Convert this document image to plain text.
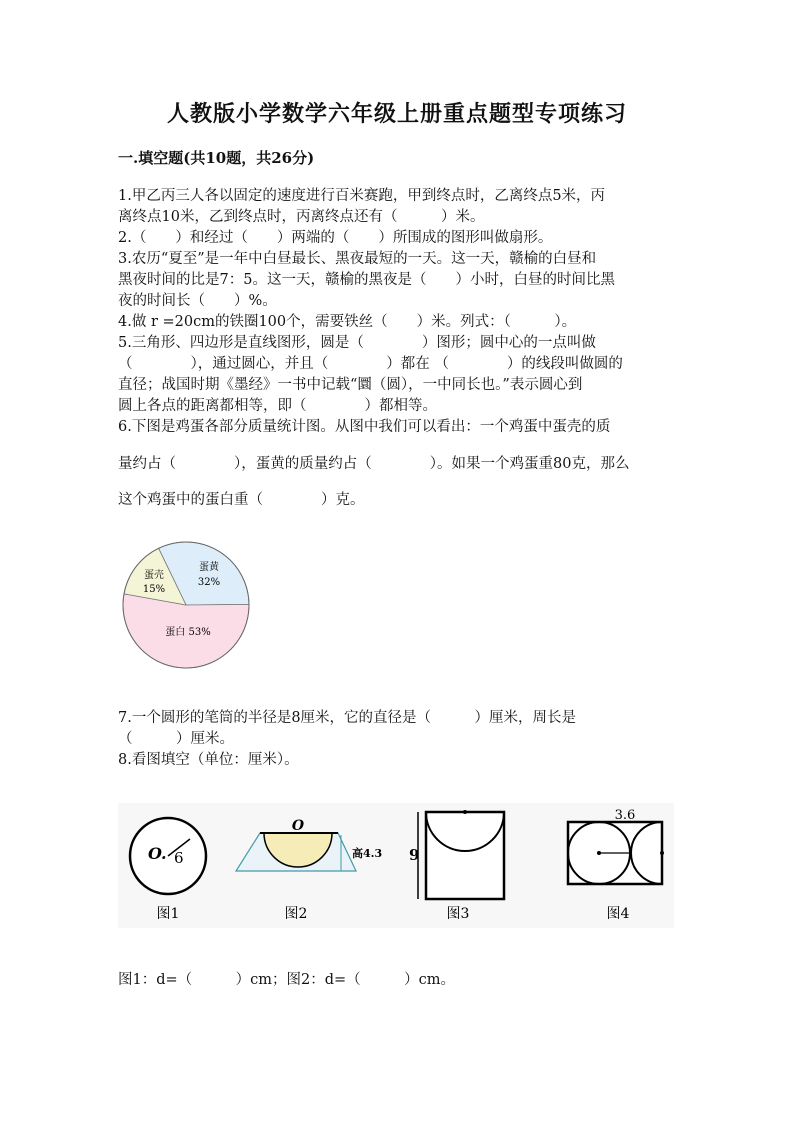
人教版小学数学六年级上册重点题型专项练习
一.填空题(共10题，共26分)
1.甲乙丙三人各以固定的速度进行百米赛跑，甲到终点时，乙离终点5米，丙
离终点10米，乙到终点时，丙离终点还有（　　　）米。
2.（　　）和经过（　　）两端的（　　）所围成的图形叫做扇形。
3.农历“夏至”是一年中白昼最长、黑夜最短的一天。这一天，赣榆的白昼和
黑夜时间的比是7：5。这一天，赣榆的黑夜是（　　）小时，白昼的时间比黑
夜的时间长（　　）%。
4.做 r =20cm的铁圈100个，需要铁丝（　　）米。列式：（　　　）。
5.三角形、四边形是直线图形，圆是（　　　　）图形；圆中心的一点叫做
（　　　　），通过圆心，并且（　　　　）都在 （　　　　）的线段叫做圆的
直径；战国时期《墨经》一书中记载“圜（圆），一中同长也。”表示圆心到
圆上各点的距离都相等，即（　　　　）都相等。
6.下图是鸡蛋各部分质量统计图。从图中我们可以看出：一个鸡蛋中蛋壳的质
量约占（　　　　），蛋黄的质量约占（　　　　）。如果一个鸡蛋重80克，那么
这个鸡蛋中的蛋白重（　　　　）克。
蛋黄
32%
蛋壳
15%
蛋白 53%
7.一个圆形的笔筒的半径是8厘米，它的直径是（　　　）厘米，周长是
（　　　）厘米。
8.看图填空（单位：厘米）。
O. 6
图1
O
高4.3
图2
9
图3
3.6
图4
图1：d=（　　　）cm；图2：d=（　　　）cm。
